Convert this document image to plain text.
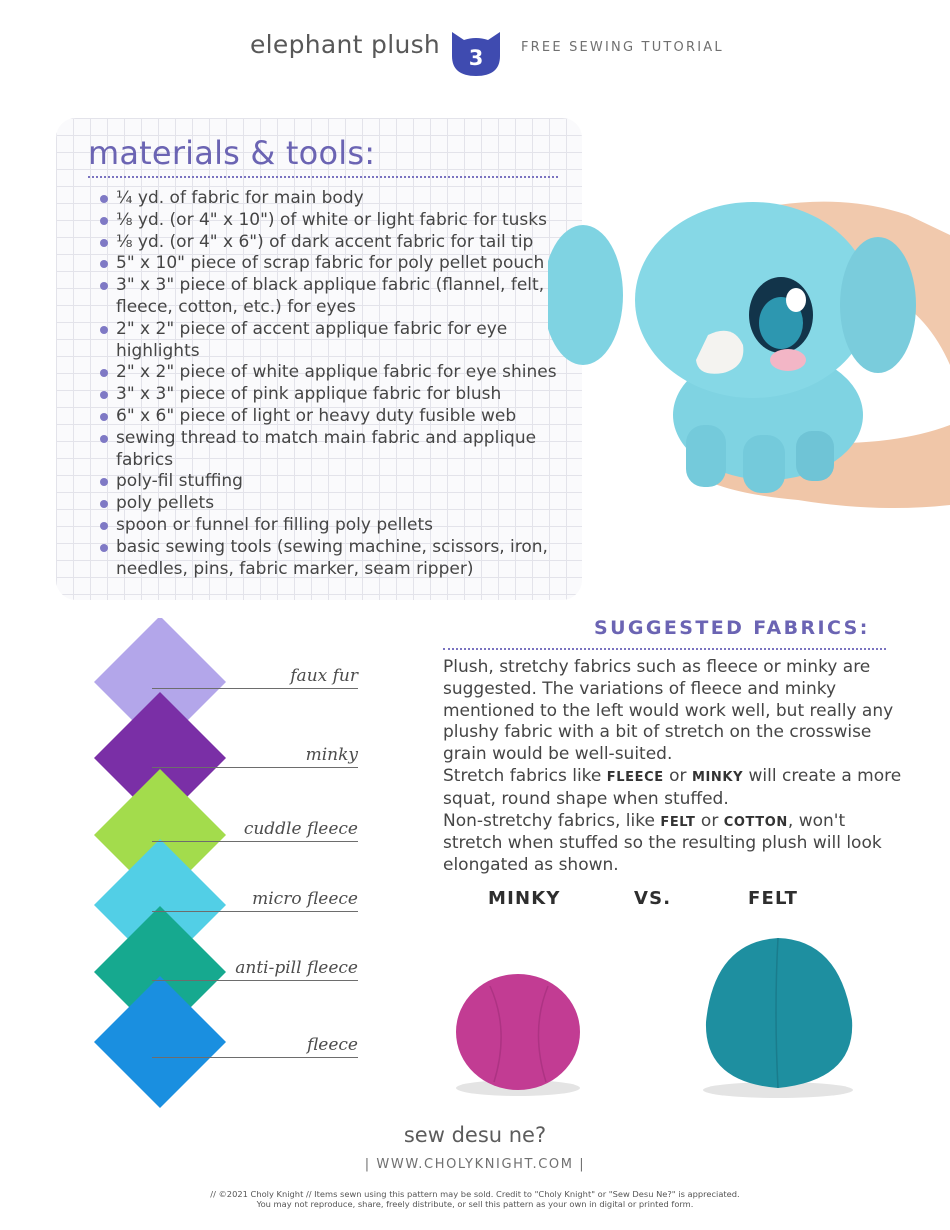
elephant plush 3	FREE SEWING TUTORIAL
materials & tools:
¼ yd. of fabric for main body
⅛ yd. (or 4" x 10") of white or light fabric for tusks
⅛ yd. (or 4" x 6") of dark accent fabric for tail tip
5" x 10" piece of scrap fabric for poly pellet pouch
3" x 3" piece of black applique fabric (flannel, felt, fleece, cotton, etc.) for eyes
2" x 2" piece of accent applique fabric for eye highlights
2" x 2" piece of white applique fabric for eye shines
3" x 3" piece of pink applique fabric for blush
6" x 6" piece of light or heavy duty fusible web
sewing thread to match main fabric and applique fabrics
poly-fil stuffing
poly pellets
spoon or funnel for filling poly pellets
basic sewing tools (sewing machine, scissors, iron, needles, pins, fabric marker, seam ripper)
faux fur
minky
cuddle fleece
micro fleece
anti-pill fleece
fleece
SUGGESTED FABRICS:
Plush, stretchy fabrics such as fleece or minky are suggested. The variations of fleece and minky mentioned to the left would work well, but really any plushy fabric with a bit of stretch on the crosswise grain would be well-suited.
Stretch fabrics like FLEECE or MINKY will create a more squat, round shape when stuffed.
Non-stretchy fabrics, like FELT or COTTON, won't stretch when stuffed so the resulting plush will look elongated as shown.
MINKY	VS.	FELT
sew desu ne?
| WWW.CHOLYKNIGHT.COM |
// ©2021 Choly Knight // Items sewn using this pattern may be sold. Credit to "Choly Knight" or "Sew Desu Ne?" is appreciated.
You may not reproduce, share, freely distribute, or sell this pattern as your own in digital or printed form.
